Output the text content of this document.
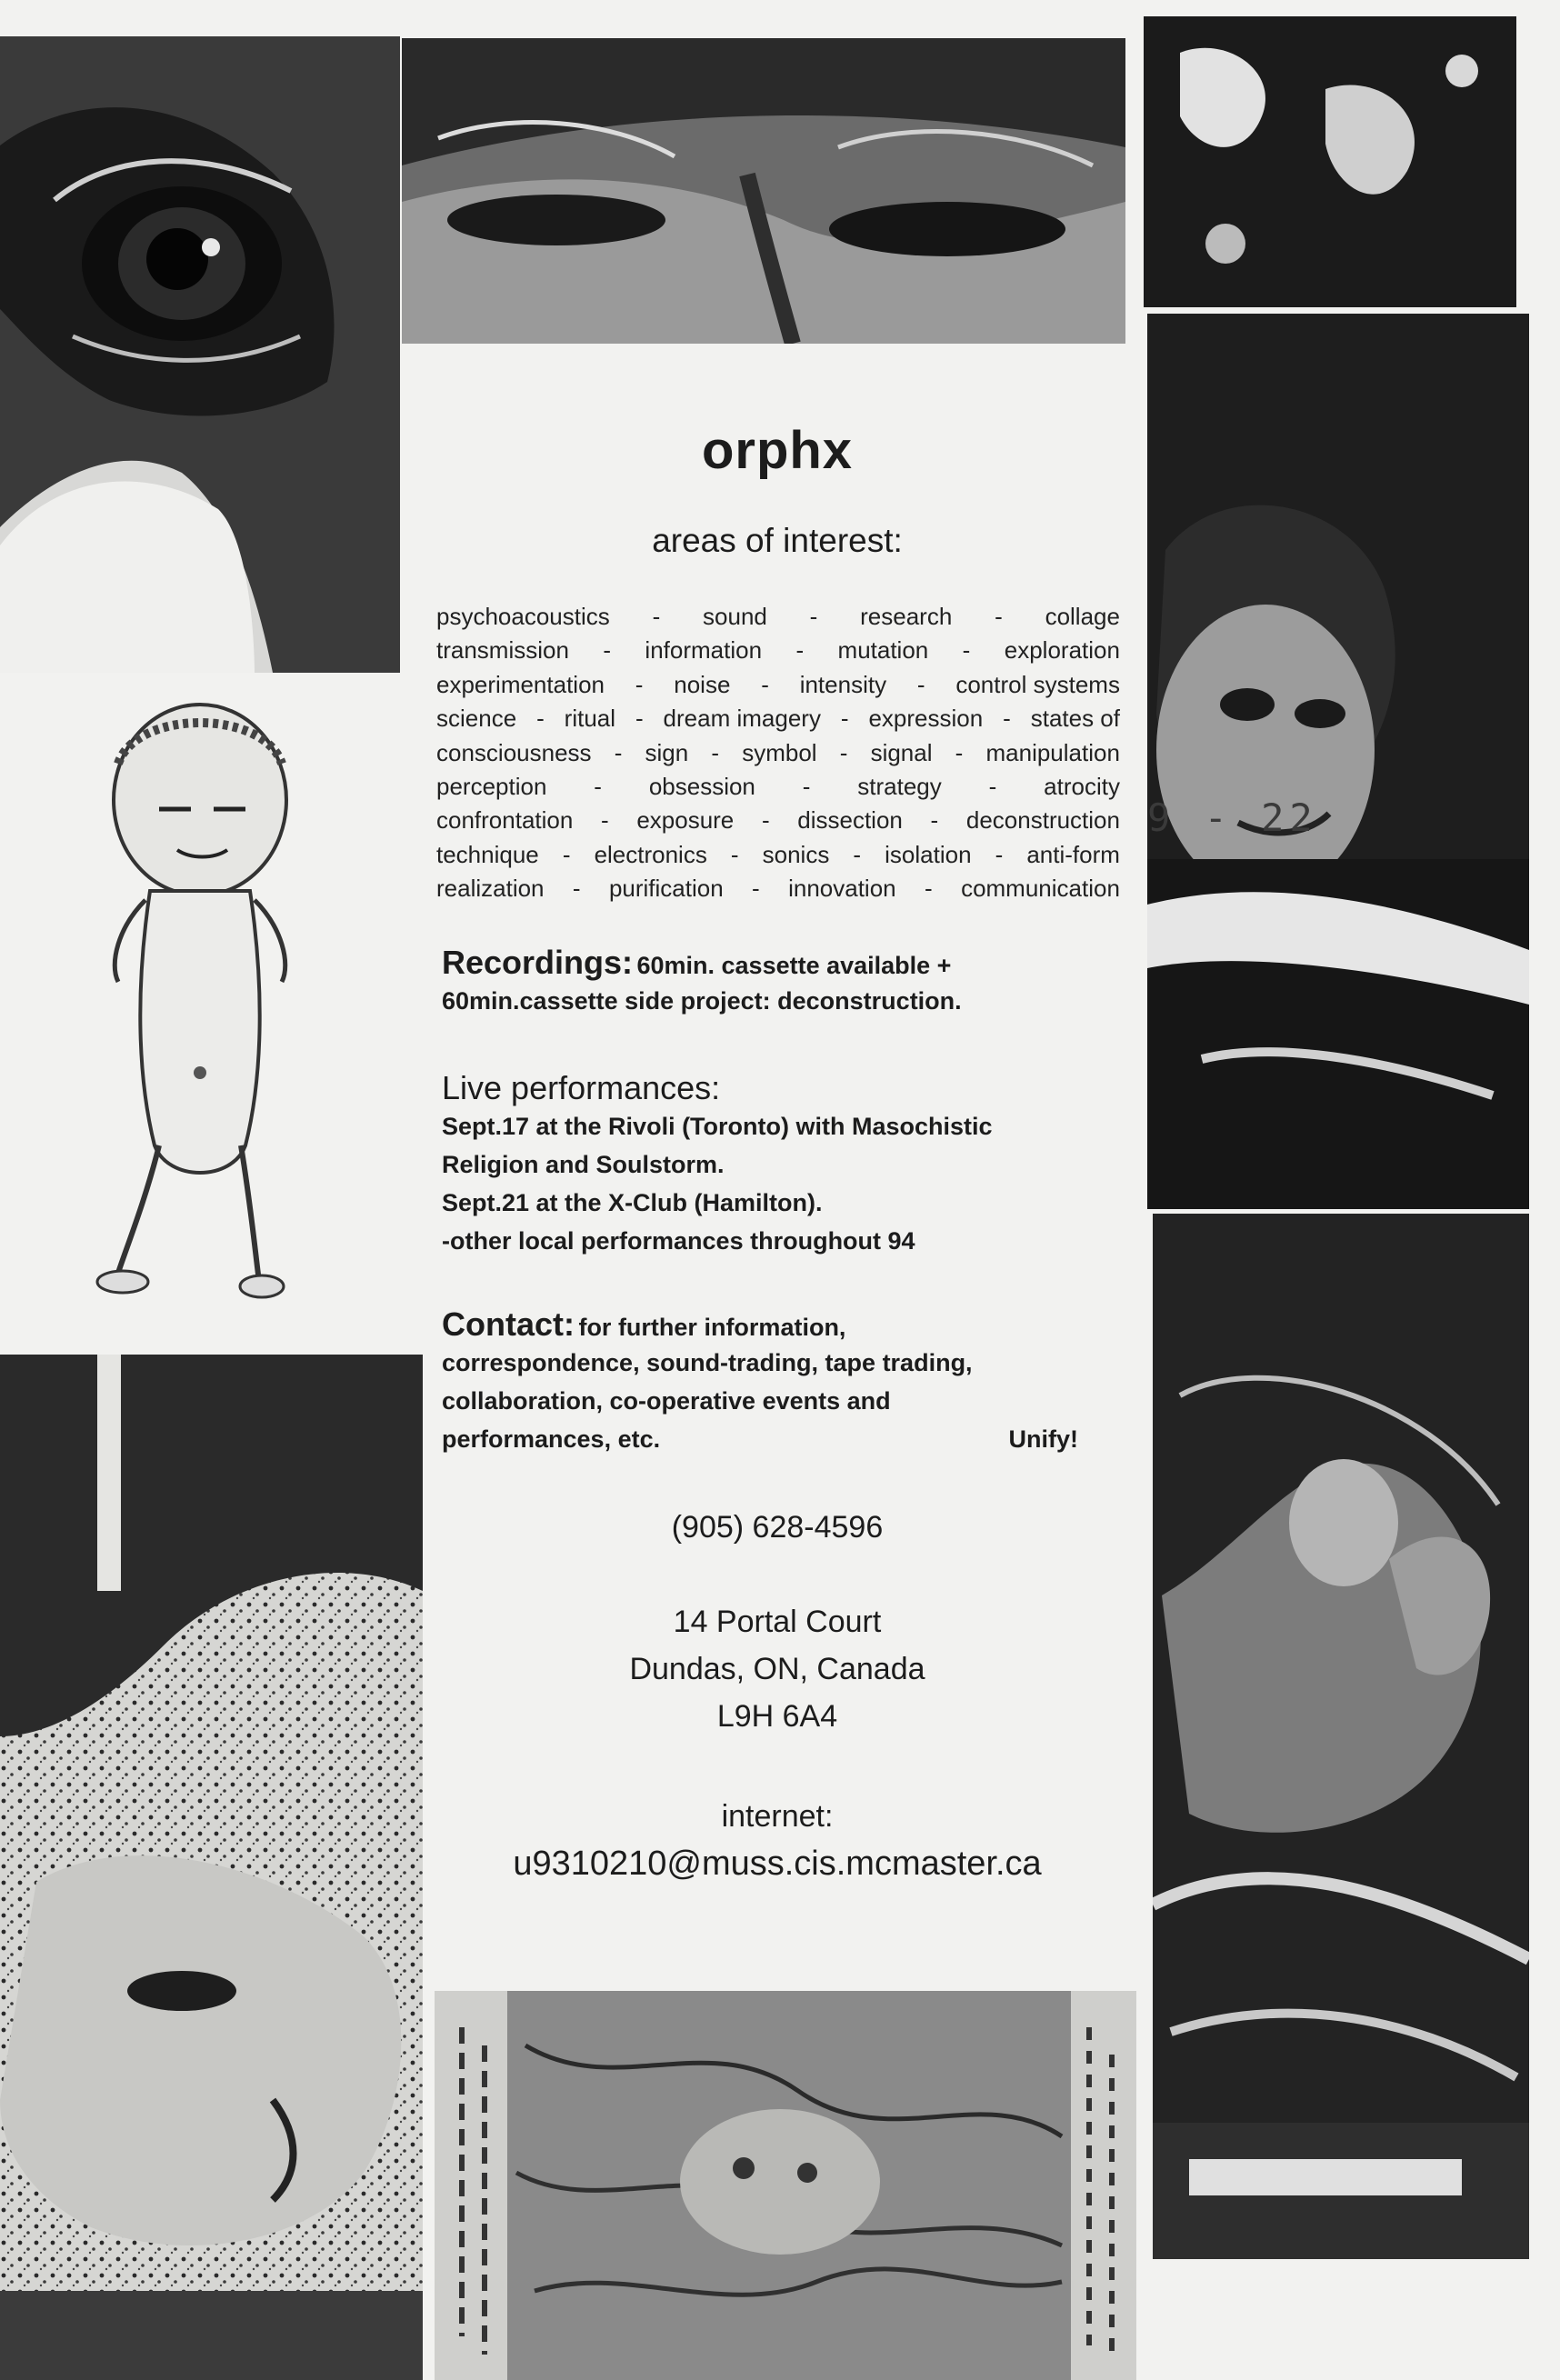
9 - 22
orphx
areas of interest:
psychoacoustics - sound - research - collage
transmission - information - mutation - exploration
experimentation - noise - intensity - control systems
science - ritual - dream imagery - expression - states of
consciousness - sign - symbol - signal - manipulation
perception - obsession - strategy - atrocity
confrontation - exposure - dissection - deconstruction
technique - electronics - sonics - isolation - anti-form
realization - purification - innovation - communication
Recordings: 60min. cassette available +
60min.cassette side project: deconstruction.
Live performances:
Sept.17 at the Rivoli (Toronto) with Masochistic
Religion and Soulstorm.
Sept.21 at the X-Club (Hamilton).
-other local performances throughout 94
Contact: for further information,
correspondence, sound-trading, tape trading,
collaboration, co-operative events and
performances, etc.	Unify!
(905) 628-4596
14 Portal Court
Dundas, ON, Canada
L9H 6A4
internet:
u9310210@muss.cis.mcmaster.ca
